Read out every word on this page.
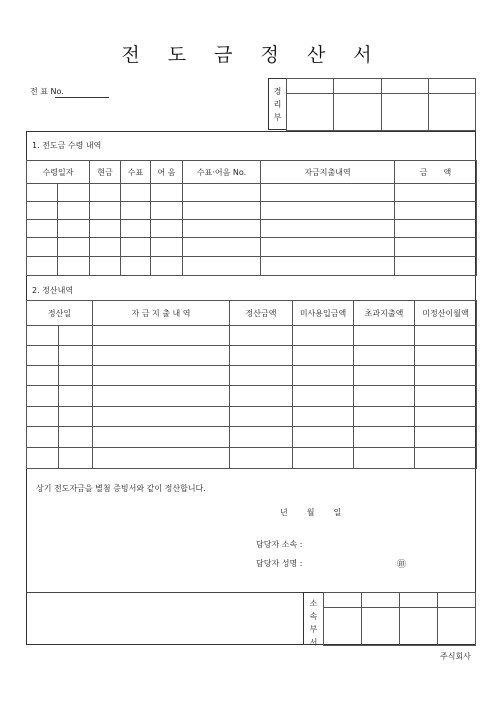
전 도 금 정 산 서
전 표 No.	경
리
부

1. 전도금 수령 내역
수령일자		현금	수표	어 음	수표·어음 No.	자금지출내역	금　　액

2. 정산내역
정산일		자 금 지 출 내 역	정산금액	미사용입금액	초과지출액	미정산이월액

상기 전도자금을 별첨 증빙서와 같이 정산합니다.
년　　월　　일
담당자 소속 :
담당자 성명 :	㊞
소
속
부
서

주식회사
